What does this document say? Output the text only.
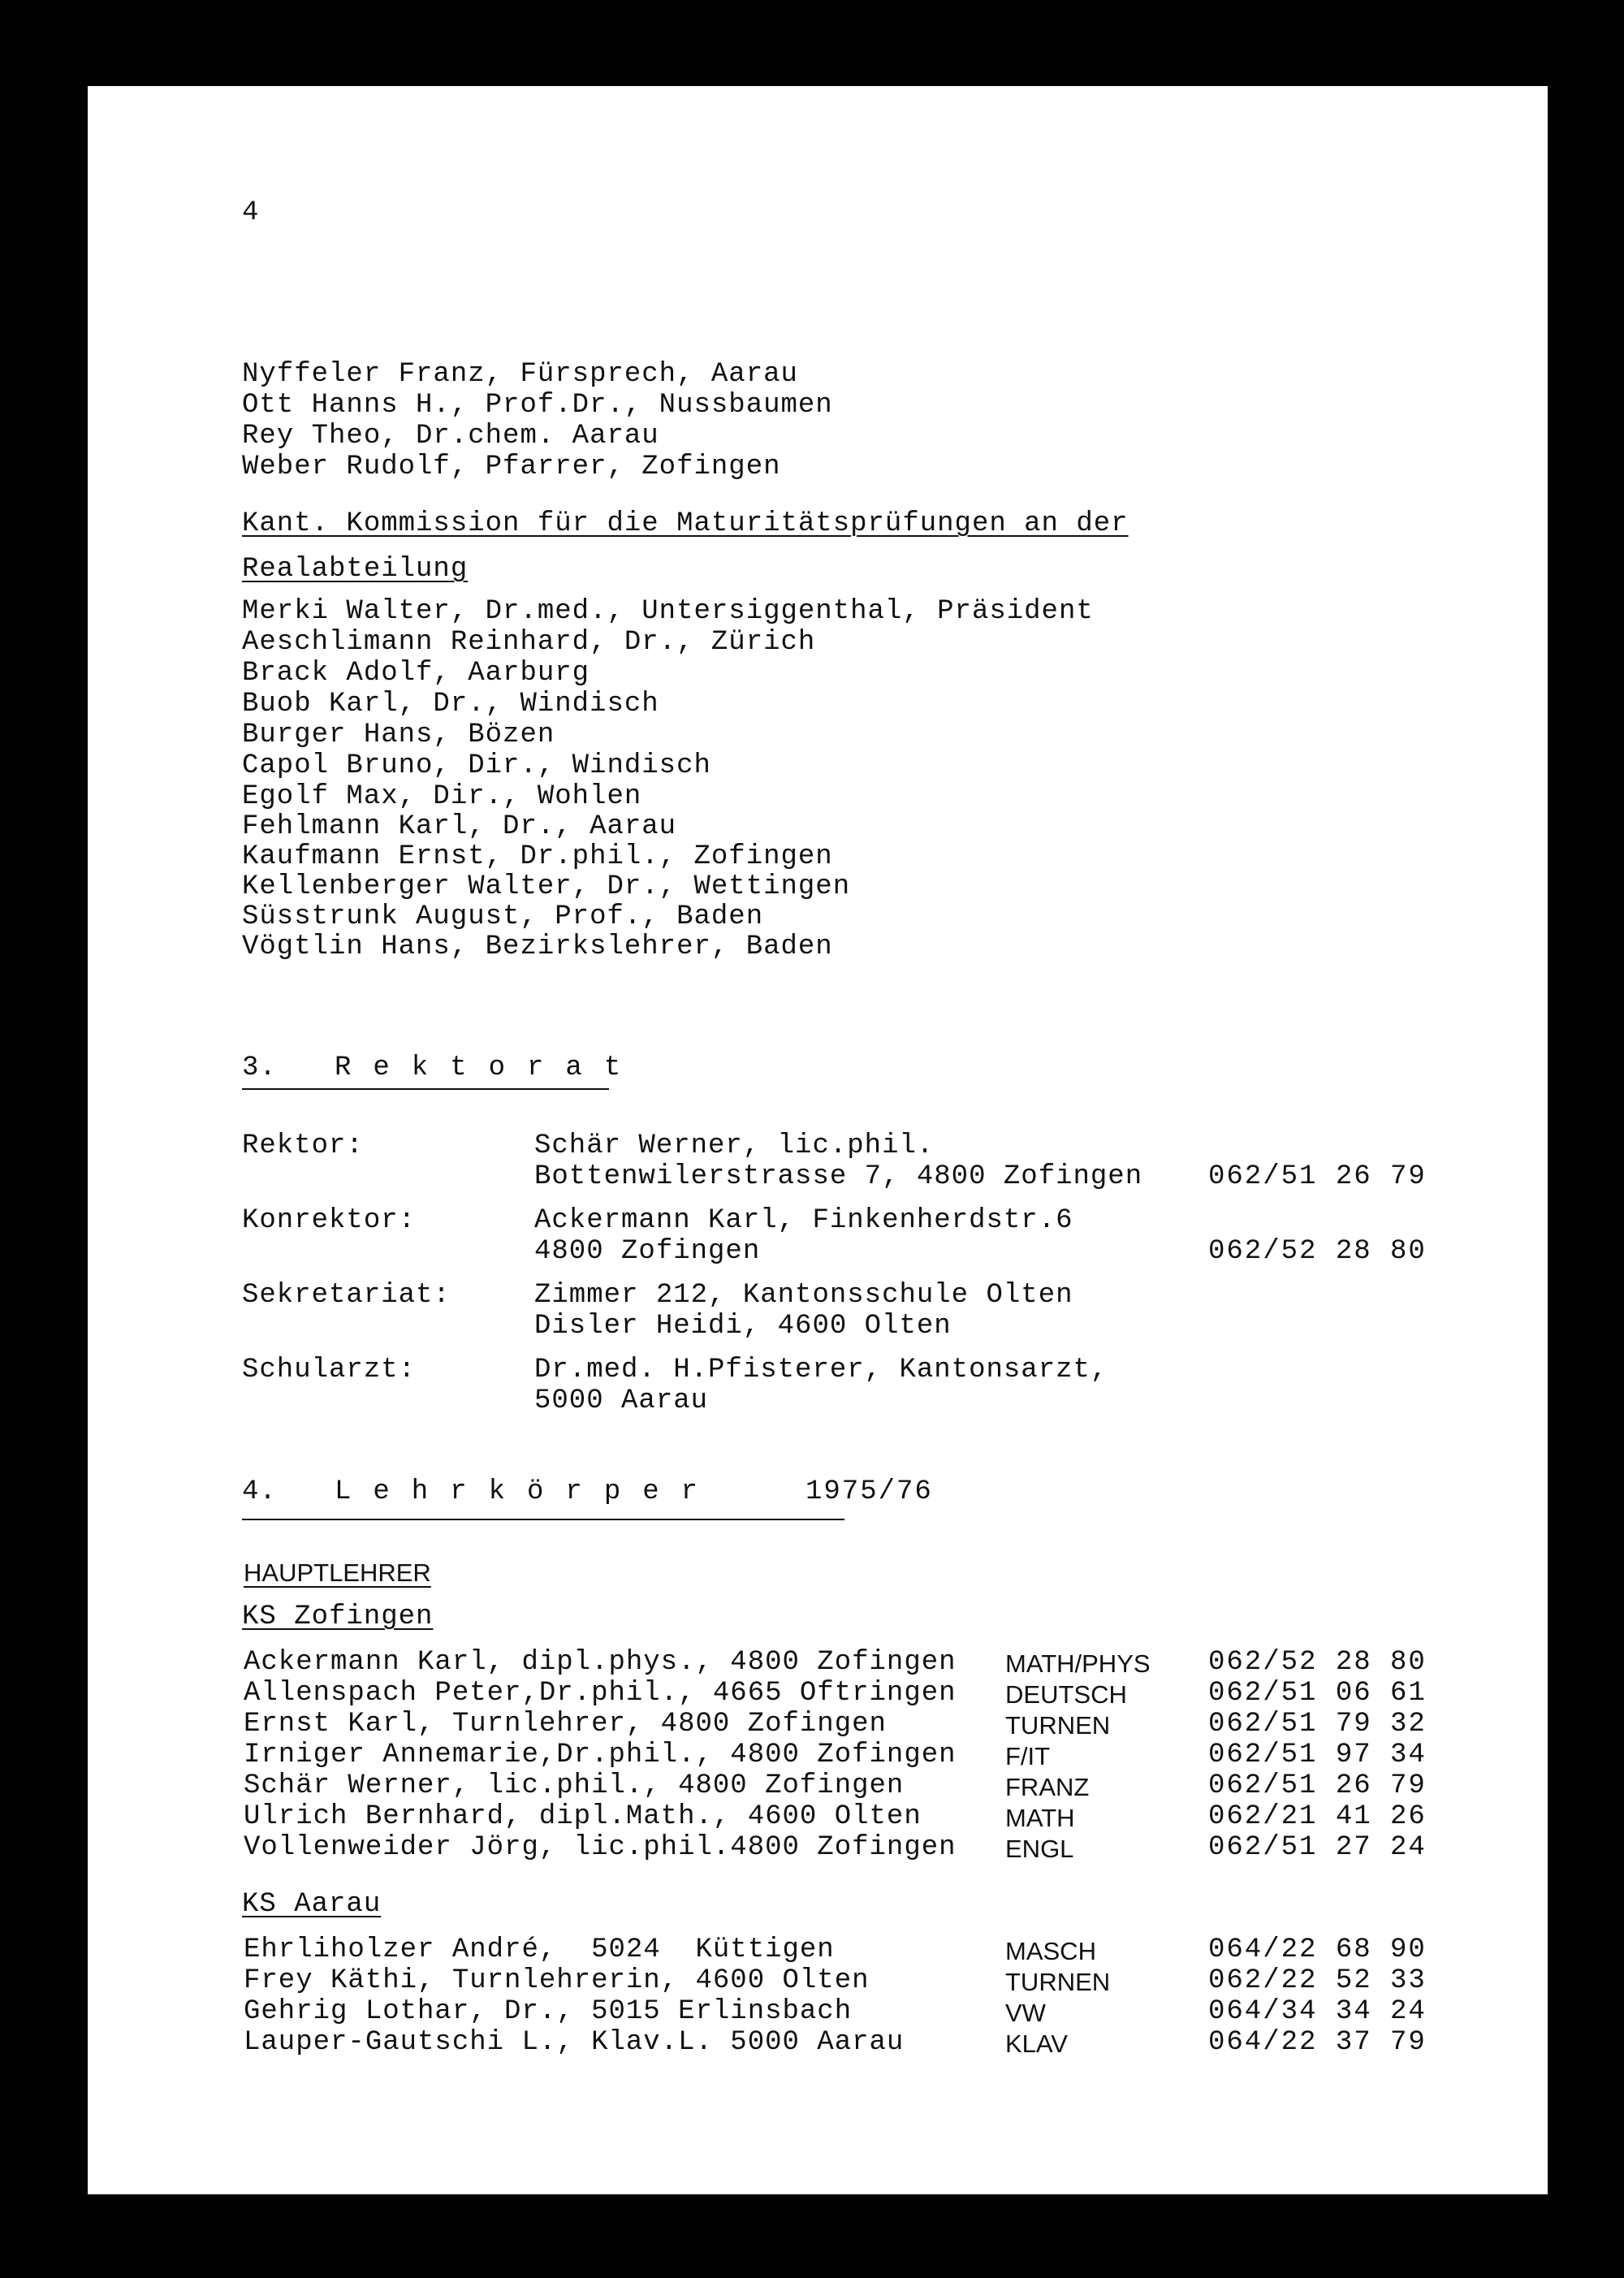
4
Nyffeler Franz, Fürsprech, Aarau
Ott Hanns H., Prof.Dr., Nussbaumen
Rey Theo, Dr.chem. Aarau
Weber Rudolf, Pfarrer, Zofingen
Kant. Kommission für die Maturitätsprüfungen an der
Realabteilung
Merki Walter, Dr.med., Untersiggenthal, Präsident
Aeschlimann Reinhard, Dr., Zürich
Brack Adolf, Aarburg
Buob Karl, Dr., Windisch
Burger Hans, Bözen
Capol Bruno, Dir., Windisch
Egolf Max, Dir., Wohlen
Fehlmann Karl, Dr., Aarau
Kaufmann Ernst, Dr.phil., Zofingen
Kellenberger Walter, Dr., Wettingen
Süsstrunk August, Prof., Baden
Vögtlin Hans, Bezirkslehrer, Baden
3. Rektorat
Rektor:	Schär Werner, lic.phil.
Bottenwilerstrasse 7, 4800 Zofingen 062/51 26 79
Konrektor:	Ackermann Karl, Finkenherdstr.6
4800 Zofingen	062/52 28 80
Sekretariat:	Zimmer 212, Kantonsschule Olten
Disler Heidi, 4600 Olten
Schularzt:	Dr.med. H.Pfisterer, Kantonsarzt,
5000 Aarau
4. Lehrkörper	1975/76
HAUPTLEHRER
KS Zofingen
Ackermann Karl, dipl.phys., 4800 Zofingen MATH/PHYS 062/52 28 80
Allenspach Peter,Dr.phil., 4665 Oftringen DEUTSCH	062/51 06 61
Ernst Karl, Turnlehrer, 4800 Zofingen	TURNEN	062/51 79 32
Irniger Annemarie,Dr.phil., 4800 Zofingen F/IT	062/51 97 34
Schär Werner, lic.phil., 4800 Zofingen	FRANZ	062/51 26 79
Ulrich Bernhard, dipl.Math., 4600 Olten	MATH	062/21 41 26
Vollenweider Jörg, lic.phil.4800 Zofingen ENGL	062/51 27 24
KS Aarau
Ehrliholzer André,  5024  Küttigen	MASCH	064/22 68 90
Frey Käthi, Turnlehrerin, 4600 Olten	TURNEN	062/22 52 33
Gehrig Lothar, Dr., 5015 Erlinsbach	VW	064/34 34 24
Lauper-Gautschi L., Klav.L. 5000 Aarau	KLAV	064/22 37 79
